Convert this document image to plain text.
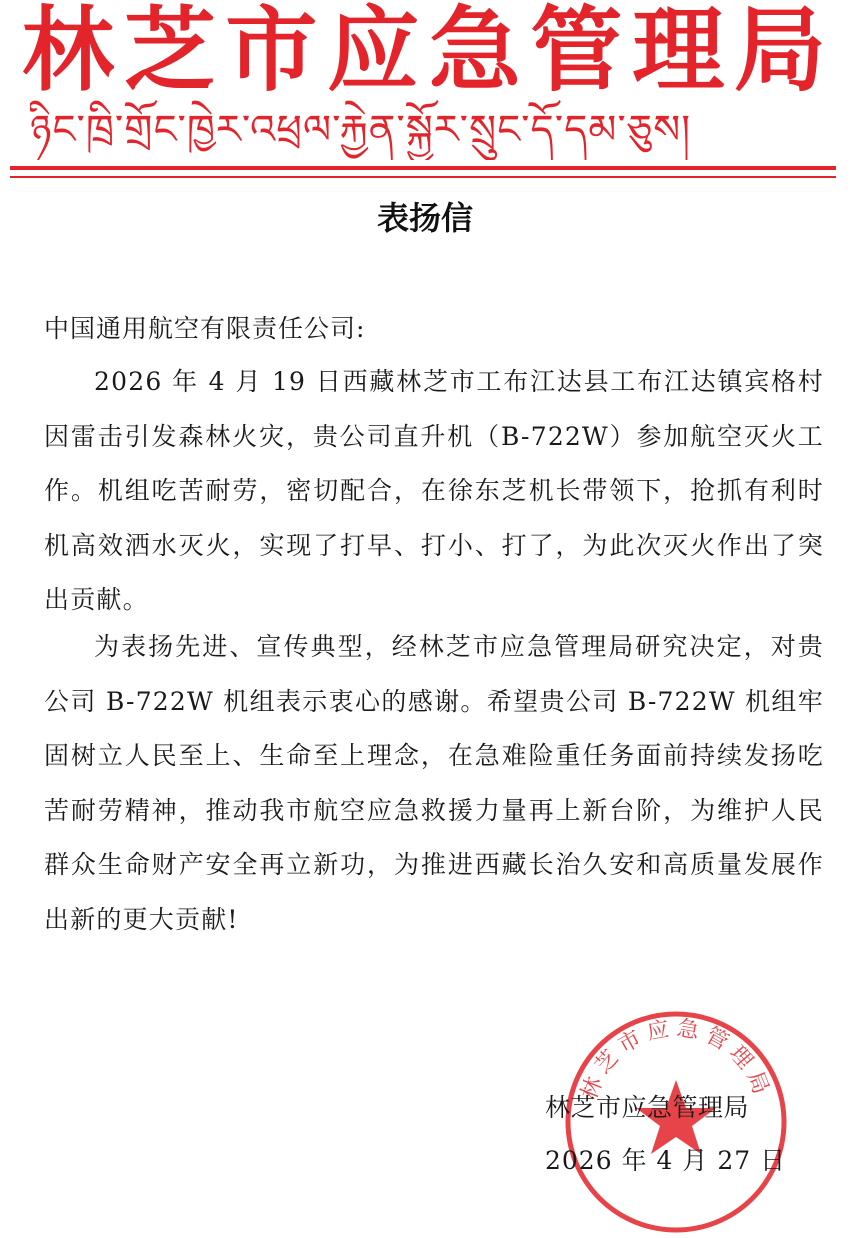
林 芝 市 应 急 管 理 局
ཉིང་ཁྲི་གྲོང་ཁྱེར་འཕྲལ་རྐྱེན་སྐྱོར་སྲུང་དོ་དམ་ཅུས།
表扬信
中国通用航空有限责任公司:

2026 年 4 月 19 日西藏林芝市工布江达县工布江达镇宾格村因雷击引发森林火灾，贵公司直升机（B-722W）参加航空灭火工作。机组吃苦耐劳，密切配合，在徐东芝机长带领下，抢抓有利时机高效洒水灭火，实现了打早、打小、打了，为此次灭火作出了突出贡献。

为表扬先进、宣传典型，经林芝市应急管理局研究决定，对贵公司 B-722W 机组表示衷心的感谢。希望贵公司 B-722W 机组牢固树立人民至上、生命至上理念，在急难险重任务面前持续发扬吃苦耐劳精神，推动我市航空应急救援力量再上新台阶，为维护人民群众生命财产安全再立新功，为推进西藏长治久安和高质量发展作出新的更大贡献!

林芝市应急管理局
林芝市应急管理局
2026 年 4 月 27 日
